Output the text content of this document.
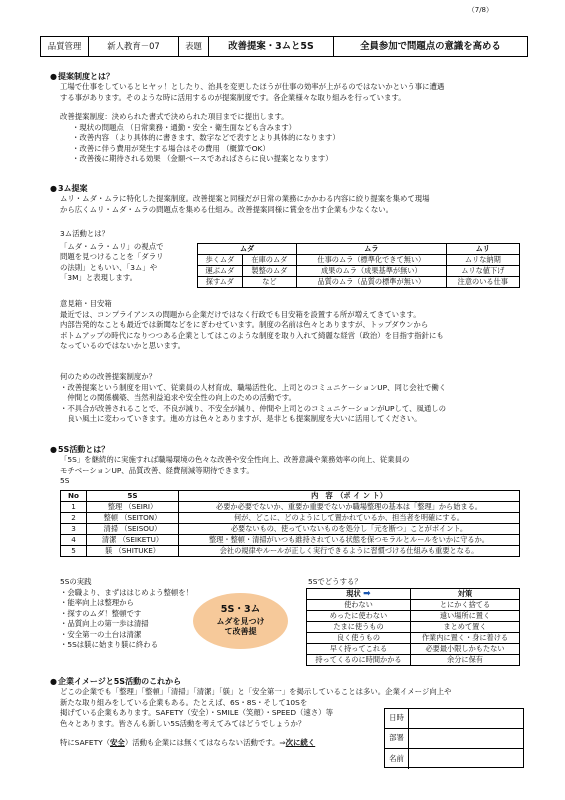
（7/8）
品質管理	新人教育－07	表題	改善提案・3ムと5S	全員参加で問題点の意識を高める
● 提案制度とは？
工場で仕事をしているとヒヤッ！としたり、治具を変更したほうが仕事の効率が上がるのではないかという事に遭遇
する事があります。そのような時に活用するのが提案制度です。各企業様々な取り組みを行っています。
改善提案制度：決められた書式で決められた項目までに提出します。
・現状の問題点 （日常業務・通勤・安全・衛生面なども含みます）
・改善内容 （より具体的に書きます、数字などで表すとより具体的になります）
・改善に伴う費用が発生する場合はその費用 （概算でOK）
・改善後に期待される効果 （金額ベースであればさらに良い提案となります）
● 3ム提案
ムリ・ムダ・ムラに特化した提案制度。改善提案と同様だが日常の業務にかかわる内容に絞り提案を集めて現場
から広くムリ・ムダ・ムラの問題点を集める仕組み。改善提案同様に賞金を出す企業も少なくない。
3ム活動とは？
「ムダ・ムラ・ムリ」の視点で
問題を見つけることを「ダラリ
の法則」ともいい、「3ム」や
「3M」と表現します。
ムダ		ムラ	ムリ
歩くムダ	在庫のムダ	仕事のムラ（標準化できて無い）	ムリな納期
運ぶムダ	製整のムダ	成果のムラ（成果基準が無い）	ムリな値下げ
探すムダ	など	品質のムラ（品質の標準が無い）	注意のいる仕事
意見箱・目安箱
最近では、コンプライアンスの問題から企業だけではなく行政でも目安箱を設置する所が増えてきています。
内部告発的なことも最近では新聞などをにぎわせています。制度の名前は色々とありますが、トップダウンから
ボトムアップの時代になりつつある企業としてはこのような制度を取り入れて綺麗な経営（政治）を目指す指針にも
なっているのではないかと思います。
何のための改善提案制度か？
・改善提案という制度を用いて、従業員の人材育成、職場活性化、上司とのコミュニケーションUP、同じ会社で働く
　仲間との関係構築、当然利益追求や安全性の向上のための活動です。
・不具合が改善されることで、不良が減り、不安全が減り、仲間や上司とのコミュニケーションがUPして、風通しの
　良い風土に変わっていきます。進め方は色々とありますが、是非とも提案制度を大いに活用してください。
● 5S活動とは？
「5S」を継続的に実施すれば職場環境の色々な改善や安全性向上、改善意識や業務効率の向上、従業員の
モチベーションUP、品質改善、経費削減等期待できます。
5S
No	5S	内　容　（ポ イ ン ト）
1	整理 （SEIRI）	必要か必要でないか、重要か重要でないか職場整理の基本は「整理」から始まる。
2	整頓 （SEITON）	何が、どこに、どのようにして置かれているか、担当者を明確にする。
3	清掃 （SEISOU）	必要ないもの、使っていないものを処分し「元を断つ」ことがポイント。
4	清潔 （SEIKETU）	整理・整頓・清掃がいつも維持されている状態を保つモラルとルールをいかに守るか。
5	躾 （SHITUKE）	会社の規律やルールが正しく実行できるように習慣づける仕組みも重要となる。
5Sの実践
・会職より、まずははじめよう整頓を！
・能率向上は整理から
・探すのムダ！整頓です
・品質向上の第一歩は清掃
・安全第一の土台は清潔
・5Sは躾に始まり躾に終わる
5S・3ム
ムダを見つけ
て改善提
5Sでどうする？
現状 ➡	対策
使わない	とにかく捨てる
めったに使わない	遠い場所に置く
たまに使うもの	まとめて置く
良く使うもの	作業内に置く・身に着ける
早く持ってこれる	必要最小限しかもたない
持ってくるのに時間かかる	余分に保有
● 企業イメージと5S活動のこれから
どこの企業でも「整理」「整頓」「清掃」「清潔」「躾」と「安全第一」を掲示していることは多い。企業イメージ向上や
新たな取り組みをしている企業もある。たとえば、6S・8S・そして10Sを
掲げている企業もあります。SAFETY（安全）・SMILE（笑顔）・SPEED（速さ）等
色々とあります。皆さんも新しい5S活動を考えてみてはどうでしょうか？
特にSAFETY（安全）活動も企業には無くてはならない活動です。⇒次に続く
日時
部署
名前
